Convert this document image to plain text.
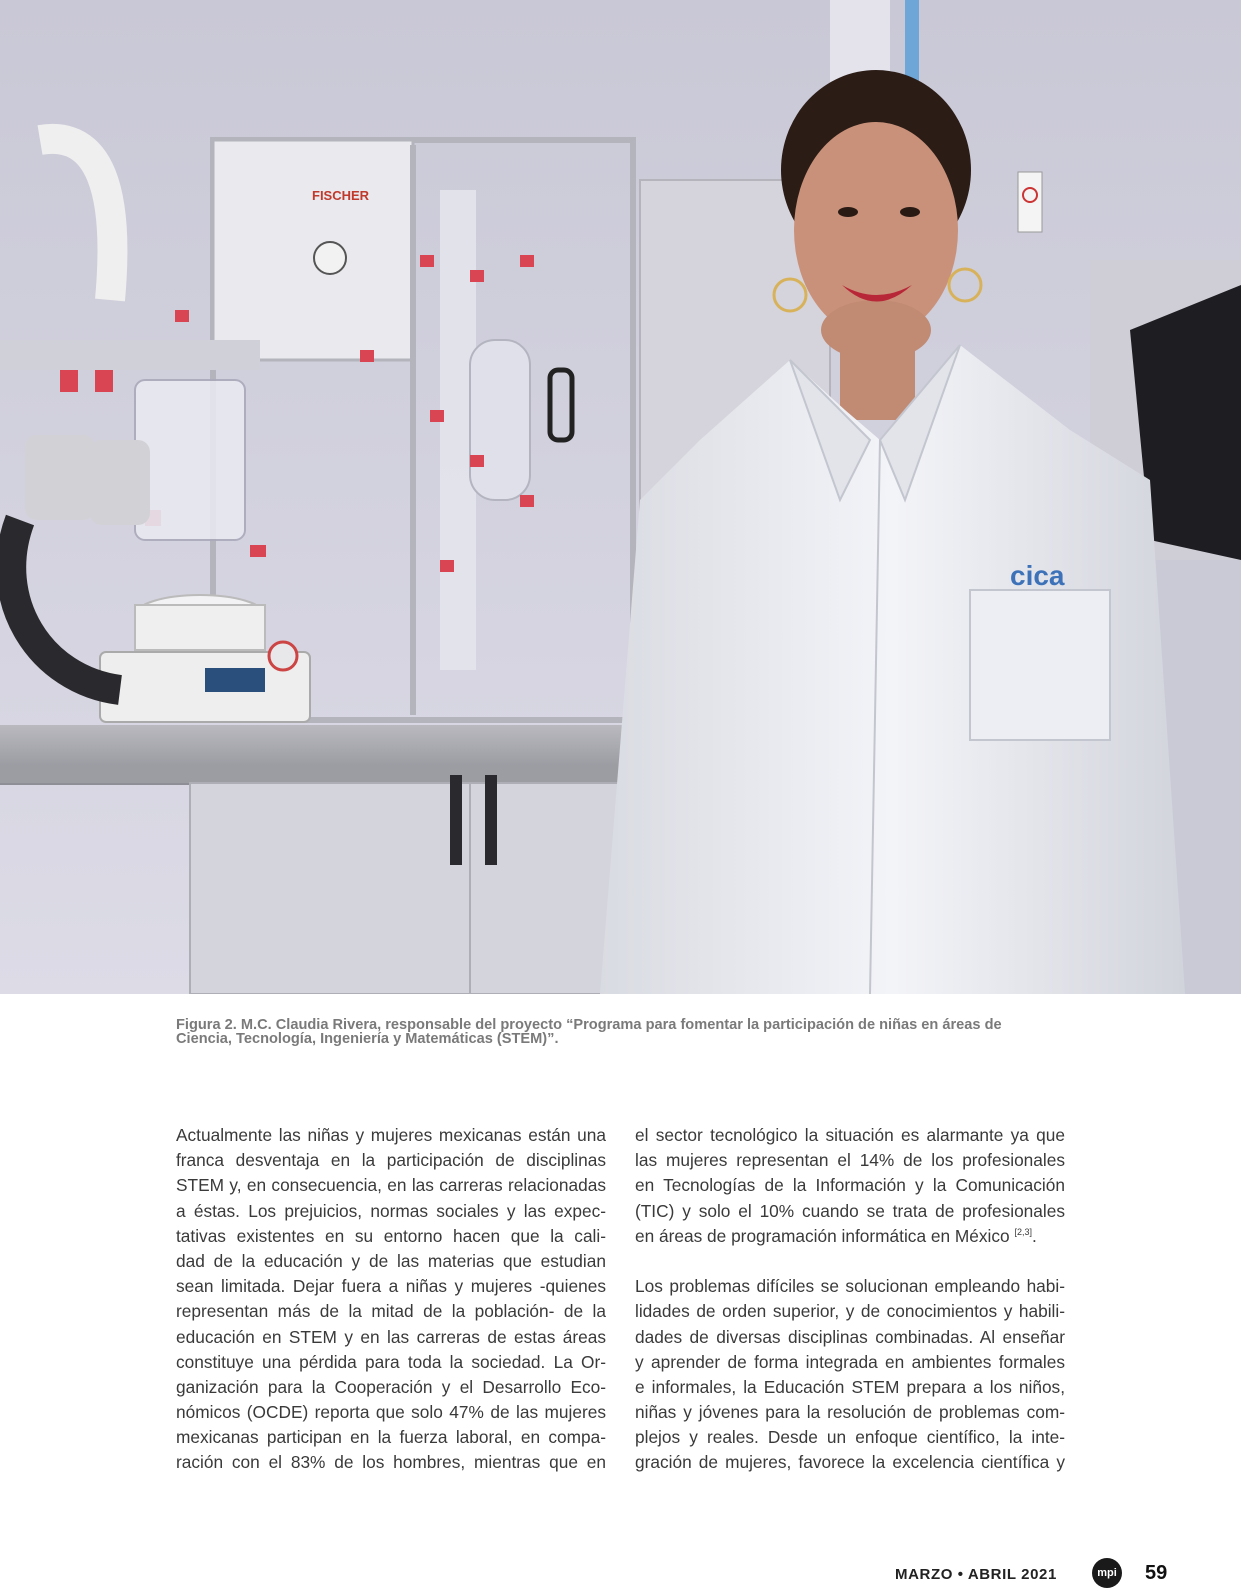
FISCHER
cica
Figura 2. M.C. Claudia Rivera, responsable del proyecto “Programa para fomentar la participación de niñas en áreas de
Ciencia, Tecnología, Ingeniería y Matemáticas (STEM)”.
Actualmente las niñas y mujeres mexicanas están una
franca desventaja en la participación de disciplinas
STEM y, en consecuencia, en las carreras relacionadas
a éstas. Los prejuicios, normas sociales y las expec-
tativas existentes en su entorno hacen que la cali-
dad de la educación y de las materias que estudian
sean limitada. Dejar fuera a niñas y mujeres -quienes
representan más de la mitad de la población- de la
educación en STEM y en las carreras de estas áreas
constituye una pérdida para toda la sociedad. La Or-
ganización para la Cooperación y el Desarrollo Eco-
nómicos (OCDE) reporta que solo 47% de las mujeres
mexicanas participan en la fuerza laboral, en compa-
ración con el 83% de los hombres, mientras que en
el sector tecnológico la situación es alarmante ya que
las mujeres representan el 14% de los profesionales
en Tecnologías de la Información y la Comunicación
(TIC) y solo el 10% cuando se trata de profesionales
en áreas de programación informática en México [2,3].
Los problemas difíciles se solucionan empleando habi-
lidades de orden superior, y de conocimientos y habili-
dades de diversas disciplinas combinadas. Al enseñar
y aprender de forma integrada en ambientes formales
e informales, la Educación STEM prepara a los niños,
niñas y jóvenes para la resolución de problemas com-
plejos y reales. Desde un enfoque científico, la inte-
gración de mujeres, favorece la excelencia científica y
MARZO • ABRIL 2021	mpi 59
